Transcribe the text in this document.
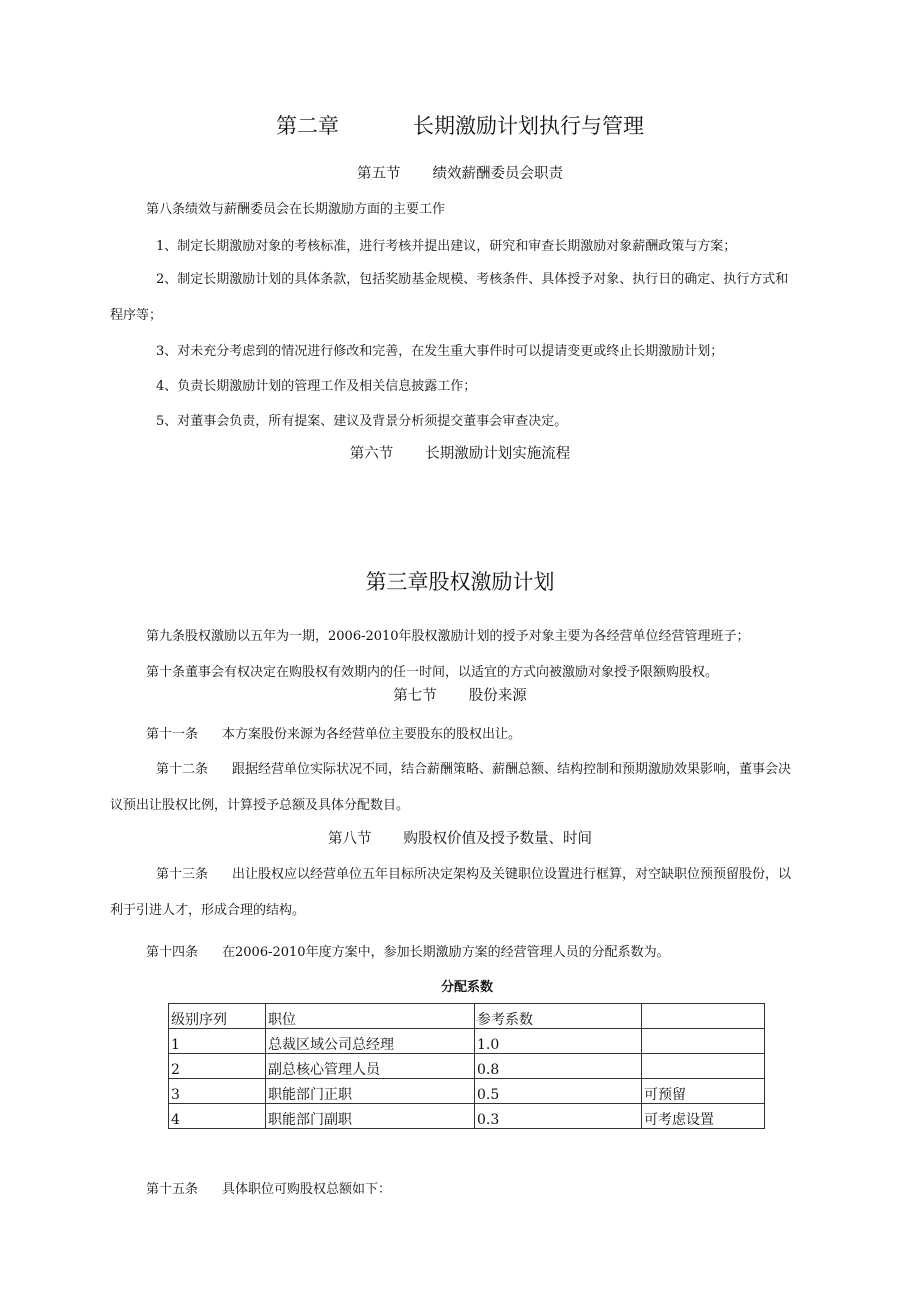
第二章	长期激励计划执行与管理
第五节 绩效薪酬委员会职责
第八条绩效与薪酬委员会在长期激励方面的主要工作
1、制定长期激励对象的考核标准，进行考核并提出建议，研究和审查长期激励对象薪酬政策与方案；
2、制定长期激励计划的具体条款，包括奖励基金规模、考核条件、具体授予对象、执行日的确定、执行方式和程序等；
3、对未充分考虑到的情况进行修改和完善，在发生重大事件时可以提请变更或终止长期激励计划；
4、负责长期激励计划的管理工作及相关信息披露工作；
5、对董事会负责，所有提案、建议及背景分析须提交董事会审查决定。
第六节 长期激励计划实施流程
第三章股权激励计划
第九条股权激励以五年为一期，2006-2010年股权激励计划的授予对象主要为各经营单位经营管理班子；
第十条董事会有权决定在购股权有效期内的任一时间，以适宜的方式向被激励对象授予限额购股权。
第七节 股份来源
第十一条 本方案股份来源为各经营单位主要股东的股权出让。
第十二条 跟据经营单位实际状况不同，结合薪酬策略、薪酬总额、结构控制和预期激励效果影响，董事会决议预出让股权比例，计算授予总额及具体分配数目。
第八节 购股权价值及授予数量、时间
第十三条 出让股权应以经营单位五年目标所决定架构及关键职位设置进行框算，对空缺职位预预留股份，以利于引进人才，形成合理的结构。
第十四条 在2006-2010年度方案中，参加长期激励方案的经营管理人员的分配系数为。
分配系数
级别序列	职位	参考系数	
1	总裁区域公司总经理	1.0	
2	副总核心管理人员	0.8	
3	职能部门正职	0.5	可预留
4	职能部门副职	0.3	可考虑设置
第十五条 具体职位可购股权总额如下：
